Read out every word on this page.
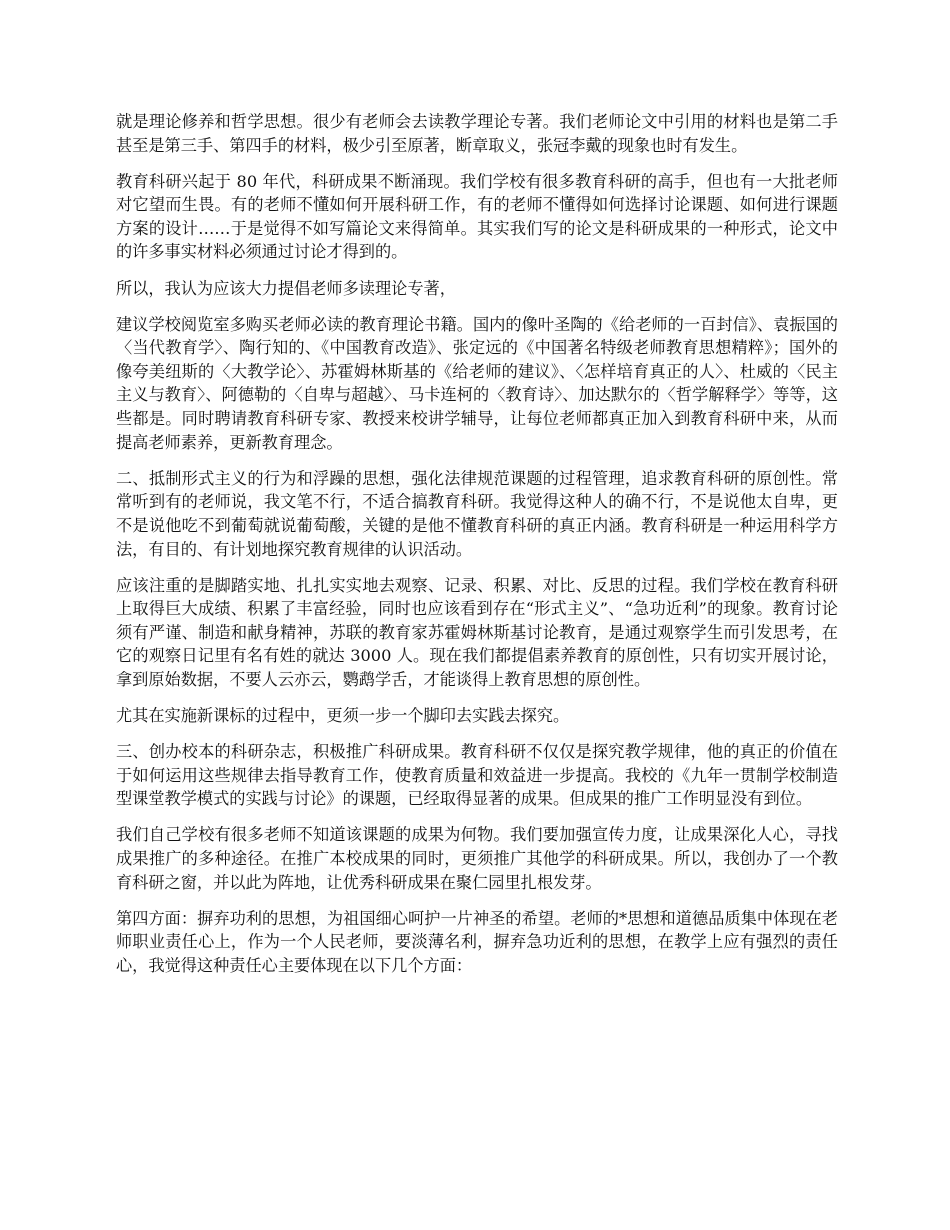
就是理论修养和哲学思想。很少有老师会去读教学理论专著。我们老师论文中引用的材料也是第二手甚至是第三手、第四手的材料，极少引至原著，断章取义，张冠李戴的现象也时有发生。

教育科研兴起于 80 年代，科研成果不断涌现。我们学校有很多教育科研的高手，但也有一大批老师对它望而生畏。有的老师不懂如何开展科研工作，有的老师不懂得如何选择讨论课题、如何进行课题方案的设计……于是觉得不如写篇论文来得简单。其实我们写的论文是科研成果的一种形式，论文中的许多事实材料必须通过讨论才得到的。

所以，我认为应该大力提倡老师多读理论专著，

建议学校阅览室多购买老师必读的教育理论书籍。国内的像叶圣陶的《给老师的一百封信》、袁振国的〈当代教育学〉、陶行知的、《中国教育改造》、张定远的《中国著名特级老师教育思想精粹》；国外的像夸美纽斯的〈大教学论〉、苏霍姆林斯基的《给老师的建议》、〈怎样培育真正的人〉、杜威的〈民主主义与教育〉、阿德勒的〈自卑与超越〉、马卡连柯的〈教育诗〉、加达默尔的〈哲学解释学〉等等，这些都是。同时聘请教育科研专家、教授来校讲学辅导，让每位老师都真正加入到教育科研中来，从而提高老师素养，更新教育理念。

二、抵制形式主义的行为和浮躁的思想，强化法律规范课题的过程管理，追求教育科研的原创性。常常听到有的老师说，我文笔不行，不适合搞教育科研。我觉得这种人的确不行，不是说他太自卑，更不是说他吃不到葡萄就说葡萄酸，关键的是他不懂教育科研的真正内涵。教育科研是一种运用科学方法，有目的、有计划地探究教育规律的认识活动。

应该注重的是脚踏实地、扎扎实实地去观察、记录、积累、对比、反思的过程。我们学校在教育科研上取得巨大成绩、积累了丰富经验，同时也应该看到存在“形式主义”、“急功近利”的现象。教育讨论须有严谨、制造和献身精神，苏联的教育家苏霍姆林斯基讨论教育，是通过观察学生而引发思考，在它的观察日记里有名有姓的就达 3000 人。现在我们都提倡素养教育的原创性，只有切实开展讨论，拿到原始数据，不要人云亦云，鹦鹉学舌，才能谈得上教育思想的原创性。

尤其在实施新课标的过程中，更须一步一个脚印去实践去探究。

三、创办校本的科研杂志，积极推广科研成果。教育科研不仅仅是探究教学规律，他的真正的价值在于如何运用这些规律去指导教育工作，使教育质量和效益进一步提高。我校的《九年一贯制学校制造型课堂教学模式的实践与讨论》的课题，已经取得显著的成果。但成果的推广工作明显没有到位。

我们自己学校有很多老师不知道该课题的成果为何物。我们要加强宣传力度，让成果深化人心，寻找成果推广的多种途径。在推广本校成果的同时，更须推广其他学的科研成果。所以，我创办了一个教育科研之窗，并以此为阵地，让优秀科研成果在聚仁园里扎根发芽。

第四方面：摒弃功利的思想，为祖国细心呵护一片神圣的希望。老师的*思想和道德品质集中体现在老师职业责任心上，作为一个人民老师，要淡薄名利，摒弃急功近利的思想，在教学上应有强烈的责任心，我觉得这种责任心主要体现在以下几个方面：
